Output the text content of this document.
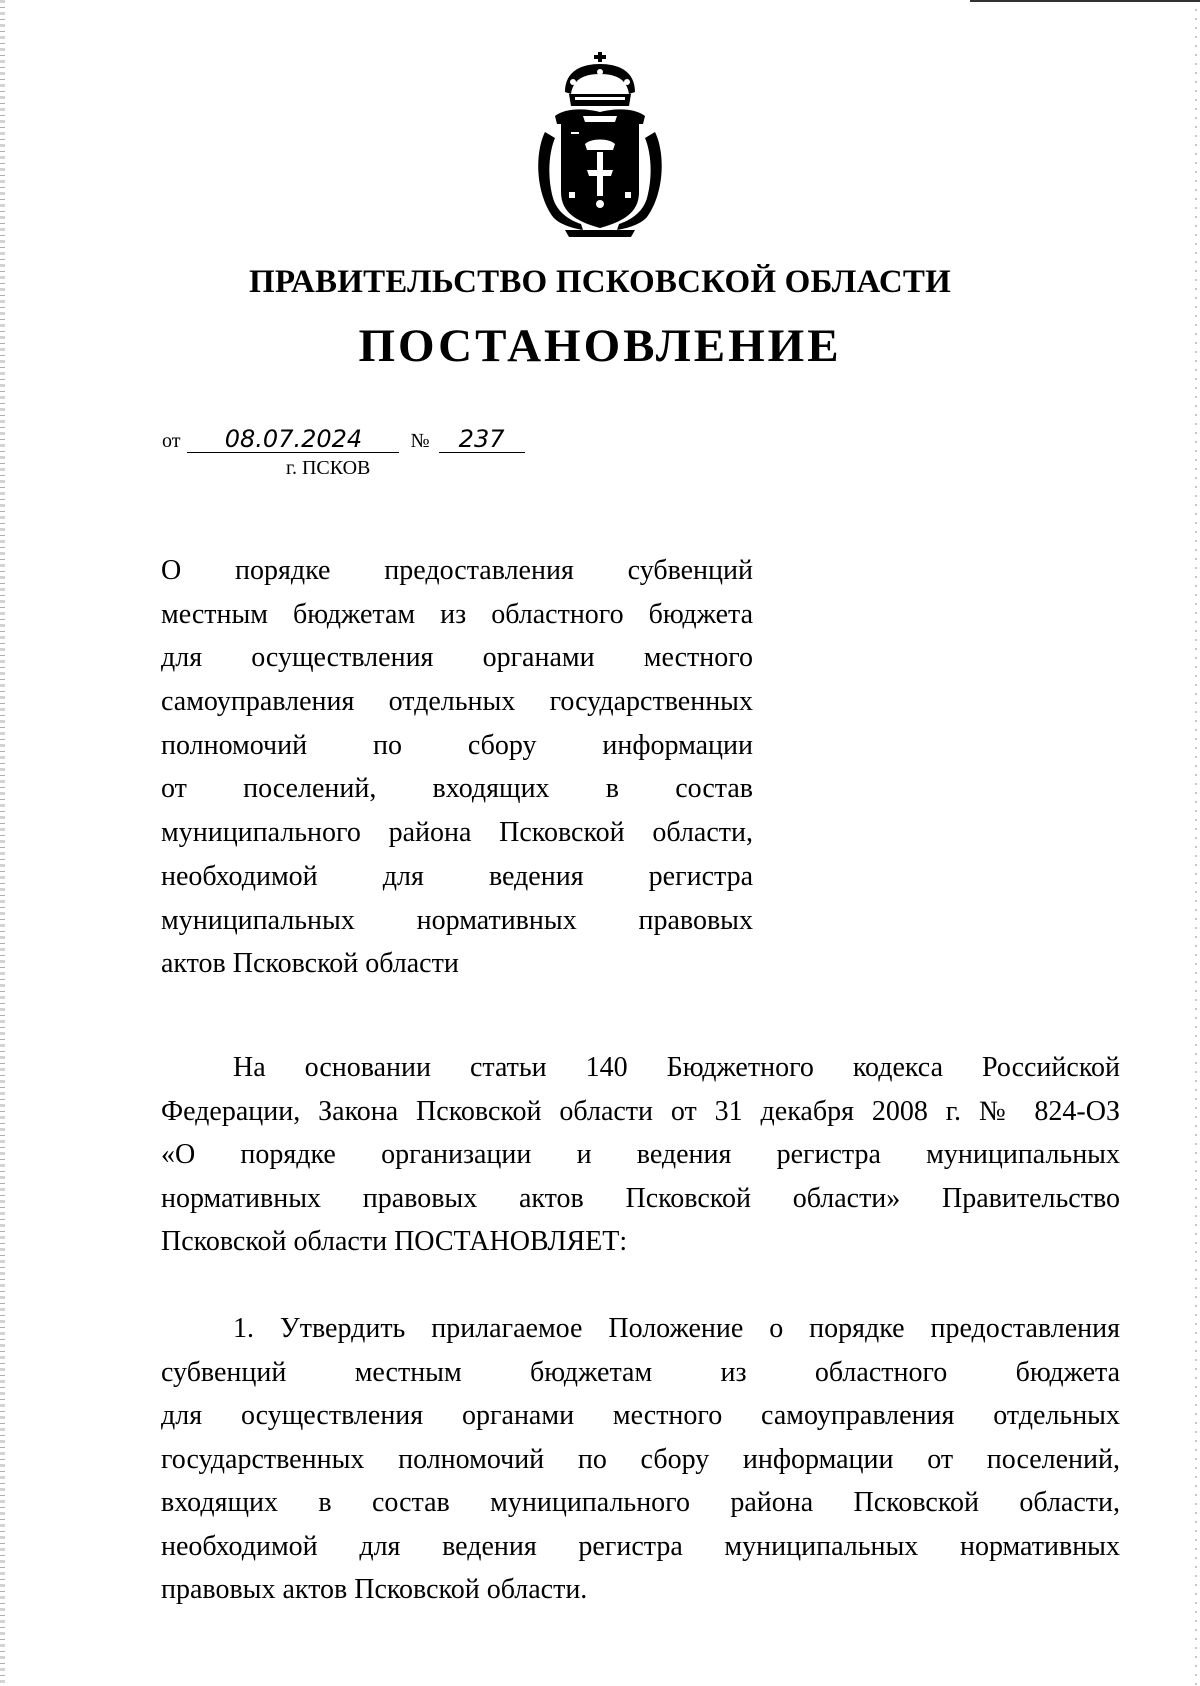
ПРАВИТЕЛЬСТВО ПСКОВСКОЙ ОБЛАСТИ
ПОСТАНОВЛЕНИЕ
от 08.07.2024 № 237
г. ПСКОВ
О порядке предоставления субвенций
местным бюджетам из областного бюджета
для осуществления органами местного
самоуправления отдельных государственных
полномочий по сбору информации
от поселений, входящих в состав
муниципального района Псковской области,
необходимой для ведения регистра
муниципальных нормативных правовых
актов Псковской области
На основании статьи 140 Бюджетного кодекса Российской
Федерации, Закона Псковской области от 31 декабря 2008 г. № 824-ОЗ
«О порядке организации и ведения регистра муниципальных
нормативных правовых актов Псковской области» Правительство
Псковской области ПОСТАНОВЛЯЕТ:
1. Утвердить прилагаемое Положение о порядке предоставления
субвенций местным бюджетам из областного бюджета
для осуществления органами местного самоуправления отдельных
государственных полномочий по сбору информации от поселений,
входящих в состав муниципального района Псковской области,
необходимой для ведения регистра муниципальных нормативных
правовых актов Псковской области.
